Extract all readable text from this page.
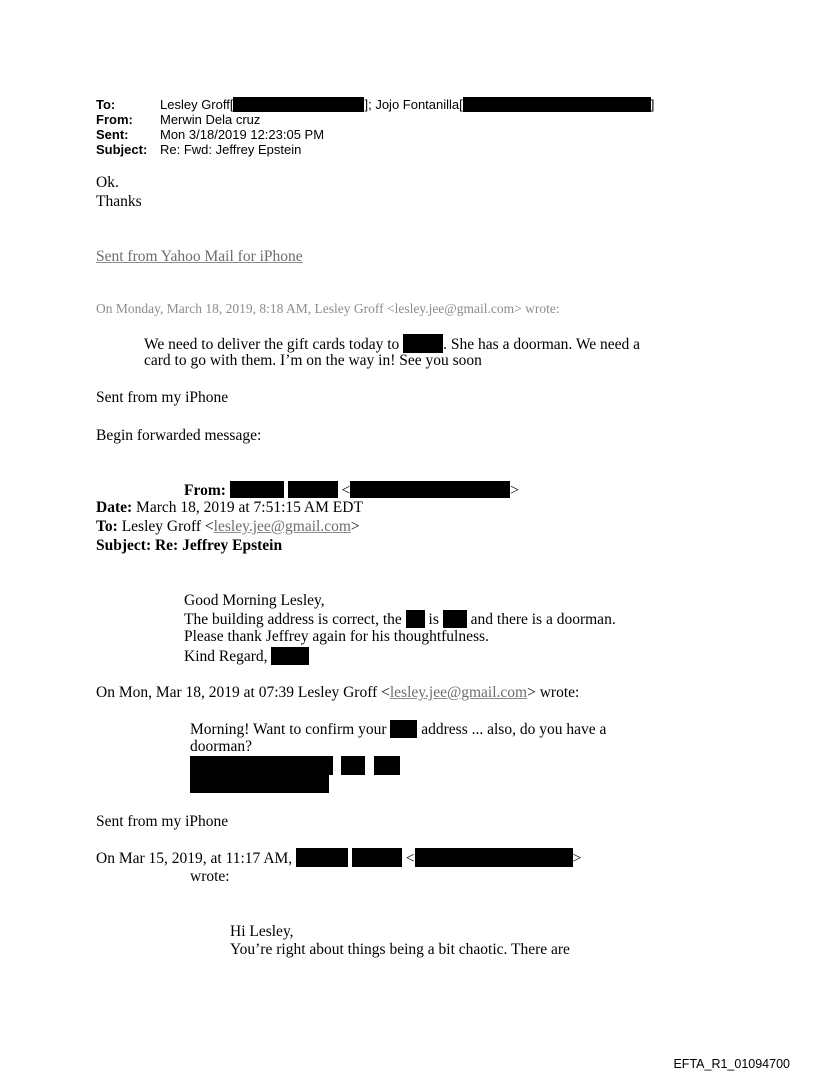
To:	Lesley Groff[	]; Jojo Fontanilla[	]
From: Merwin Dela cruz
Sent: Mon 3/18/2019 12:23:05 PM
Subject: Re: Fwd: Jeffrey Epstein
Ok.
Thanks
Sent from Yahoo Mail for iPhone
On Monday, March 18, 2019, 8:18 AM, Lesley Groff <lesley.jee@gmail.com> wrote:
We need to deliver the gift cards today to	. She has a doorman. We need a
card to go with them. I’m on the way in! See you soon
Sent from my iPhone
Begin forwarded message:
From:	<	>
Date: March 18, 2019 at 7:51:15 AM EDT
To: Lesley Groff <lesley.jee@gmail.com>
Subject: Re: Jeffrey Epstein
Good Morning Lesley,
The building address is correct, the is and there is a doorman.
Please thank Jeffrey again for his thoughtfulness.
Kind Regard,
On Mon, Mar 18, 2019 at 07:39 Lesley Groff <lesley.jee@gmail.com> wrote:
Morning! Want to confirm your address ... also, do you have a
doorman?
Sent from my iPhone
On Mar 15, 2019, at 11:17 AM,	<	>
wrote:
Hi Lesley,
You’re right about things being a bit chaotic. There are
EFTA_R1_01094700
